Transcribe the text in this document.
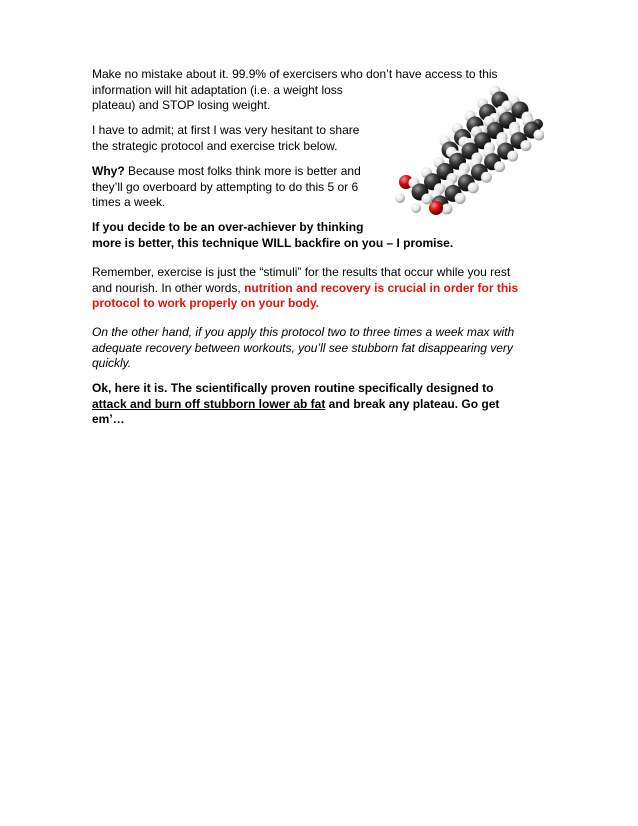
Make no mistake about it. 99.9% of exercisers who don’t have access to this
information will hit adaptation (i.e. a weight loss
plateau) and STOP losing weight.

I have to admit; at first I was very hesitant to share
the strategic protocol and exercise trick below.

Why? Because most folks think more is better and
they’ll go overboard by attempting to do this 5 or 6
times a week.

If you decide to be an over-achiever by thinking
more is better, this technique WILL backfire on you – I promise.

Remember, exercise is just the “stimuli” for the results that occur while you rest
and nourish. In other words, nutrition and recovery is crucial in order for this
protocol to work properly on your body.

On the other hand, if you apply this protocol two to three times a week max with
adequate recovery between workouts, you’ll see stubborn fat disappearing very
quickly.

Ok, here it is. The scientifically proven routine specifically designed to
attack and burn off stubborn lower ab fat and break any plateau. Go get
em’…
